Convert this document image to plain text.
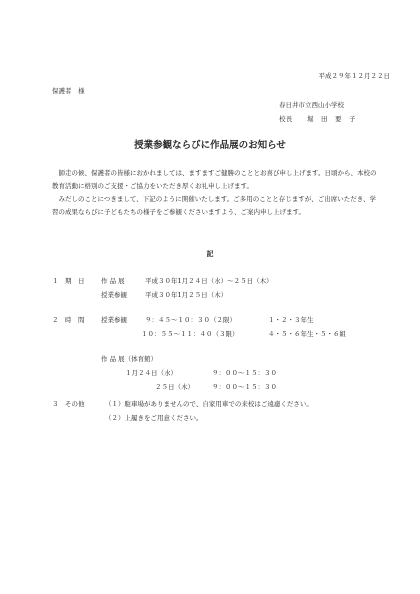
平成２９年１２月２２日
保護者　様
春日井市立西山小学校
校長　　堀　田　要　子
授業参観ならびに作品展のお知らせ

師走の候、保護者の皆様におかれましては、ますますご健勝のこととお喜び申し上げます。日頃から、本校の教育活動に格別のご支援・ご協力をいただき厚くお礼申し上げます。

みだしのことにつきまして、下記のように開催いたします。ご多用のことと存じますが、ご出席いただき、学習の成果ならびに子どもたちの様子をご参観くださいますよう、ご案内申し上げます。

記
１　期　日	作 品 展	平成３０年1月２４日（水）～２５日（木）
授業参観	平成３０年1月２５日（木）
２　時　間	授業参観	９：４５～１０：３０（２限）	１・２・３年生
１０：５５～１１：４０（３限）	４・５・６年生・５・６組
作 品 展（体育館）
１月２４日（水）	９：００～１５：３０
２５日（木）	９：００～１５：３０
３　その他	（１）駐車場がありませんので、自家用車での来校はご遠慮ください。
（２）上履きをご用意ください。
